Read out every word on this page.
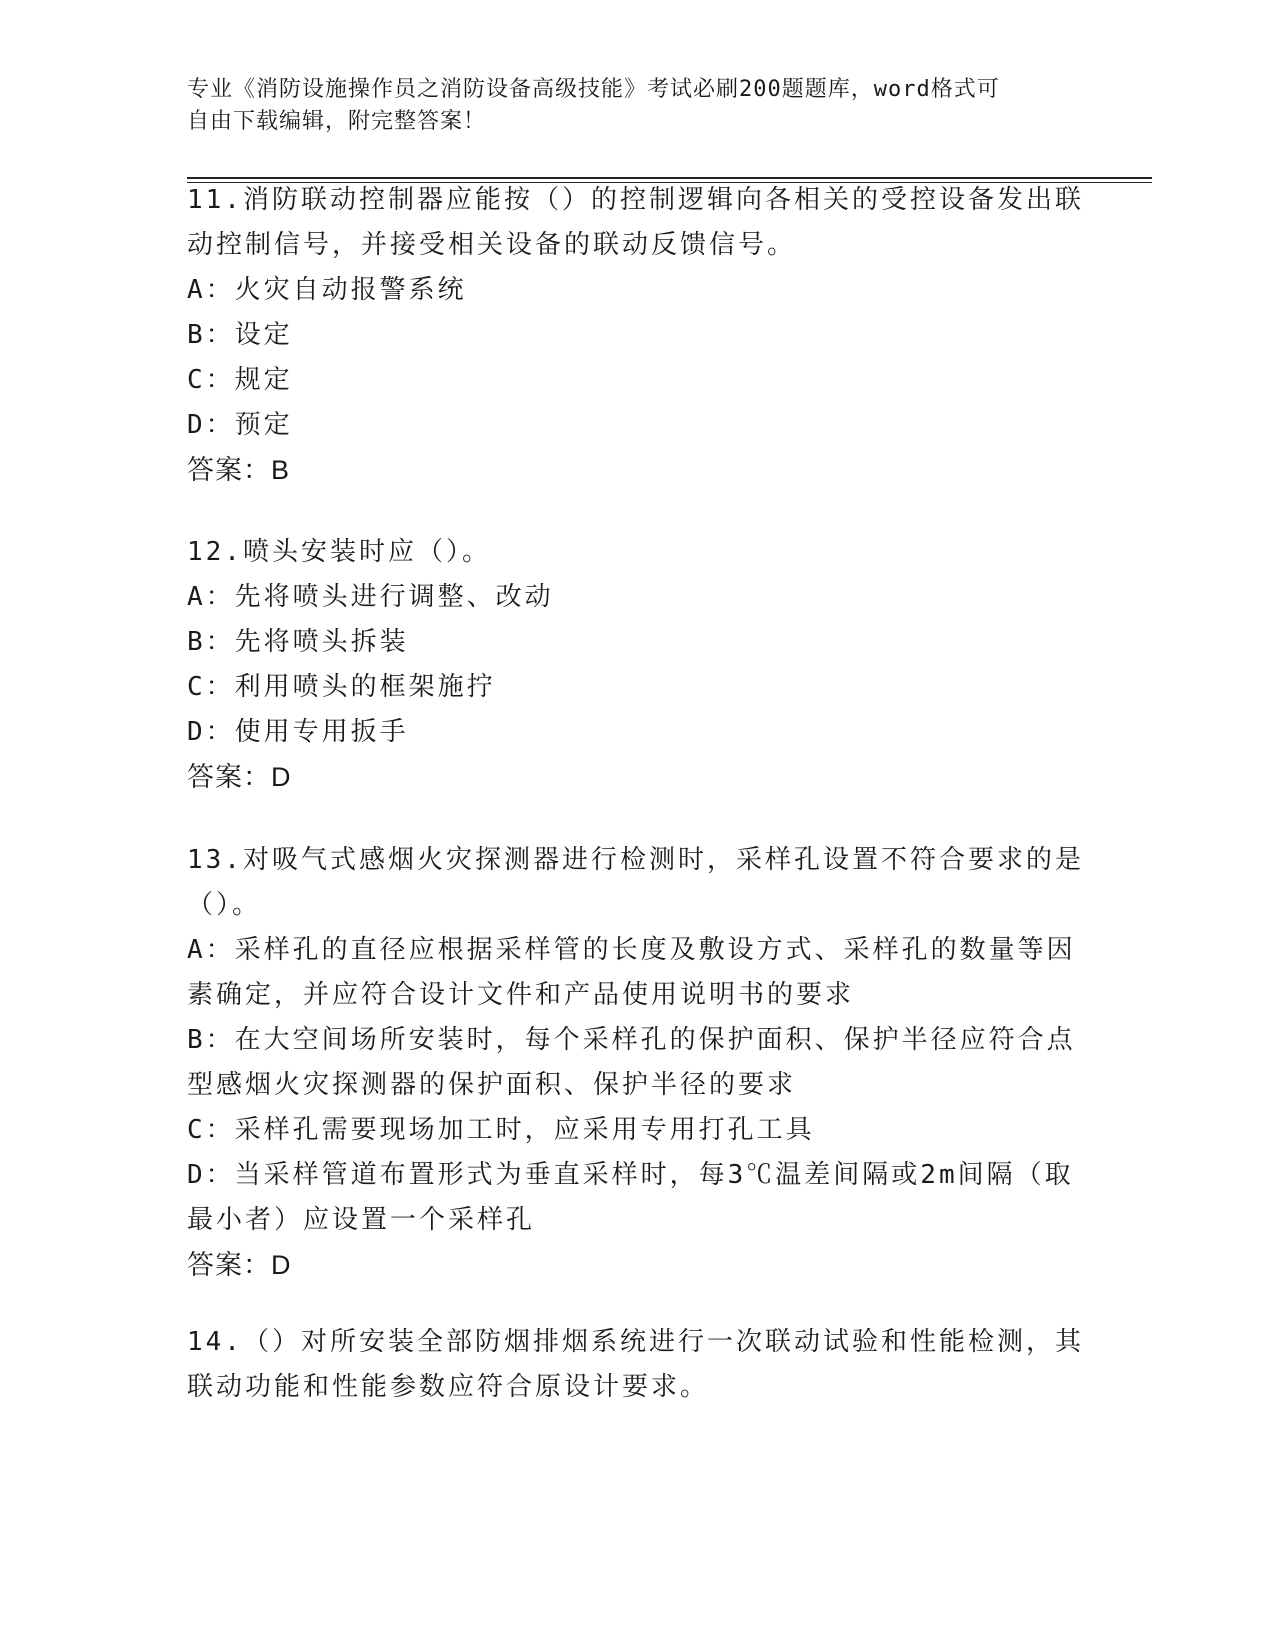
专业《消防设施操作员之消防设备高级技能》考试必刷200题题库，word格式可
自由下载编辑，附完整答案！
11.消防联动控制器应能按（）的控制逻辑向各相关的受控设备发出联
动控制信号，并接受相关设备的联动反馈信号。
A：火灾自动报警系统
B：设定
C：规定
D：预定
答案：B
12.喷头安装时应（）。
A：先将喷头进行调整、改动
B：先将喷头拆装
C：利用喷头的框架施拧
D：使用专用扳手
答案：D
13.对吸气式感烟火灾探测器进行检测时，采样孔设置不符合要求的是
（）。
A：采样孔的直径应根据采样管的长度及敷设方式、采样孔的数量等因
素确定，并应符合设计文件和产品使用说明书的要求
B：在大空间场所安装时，每个采样孔的保护面积、保护半径应符合点
型感烟火灾探测器的保护面积、保护半径的要求
C：采样孔需要现场加工时，应采用专用打孔工具
D：当采样管道布置形式为垂直采样时，每3℃温差间隔或2m间隔（取
最小者）应设置一个采样孔
答案：D
14.（）对所安装全部防烟排烟系统进行一次联动试验和性能检测，其
联动功能和性能参数应符合原设计要求。
